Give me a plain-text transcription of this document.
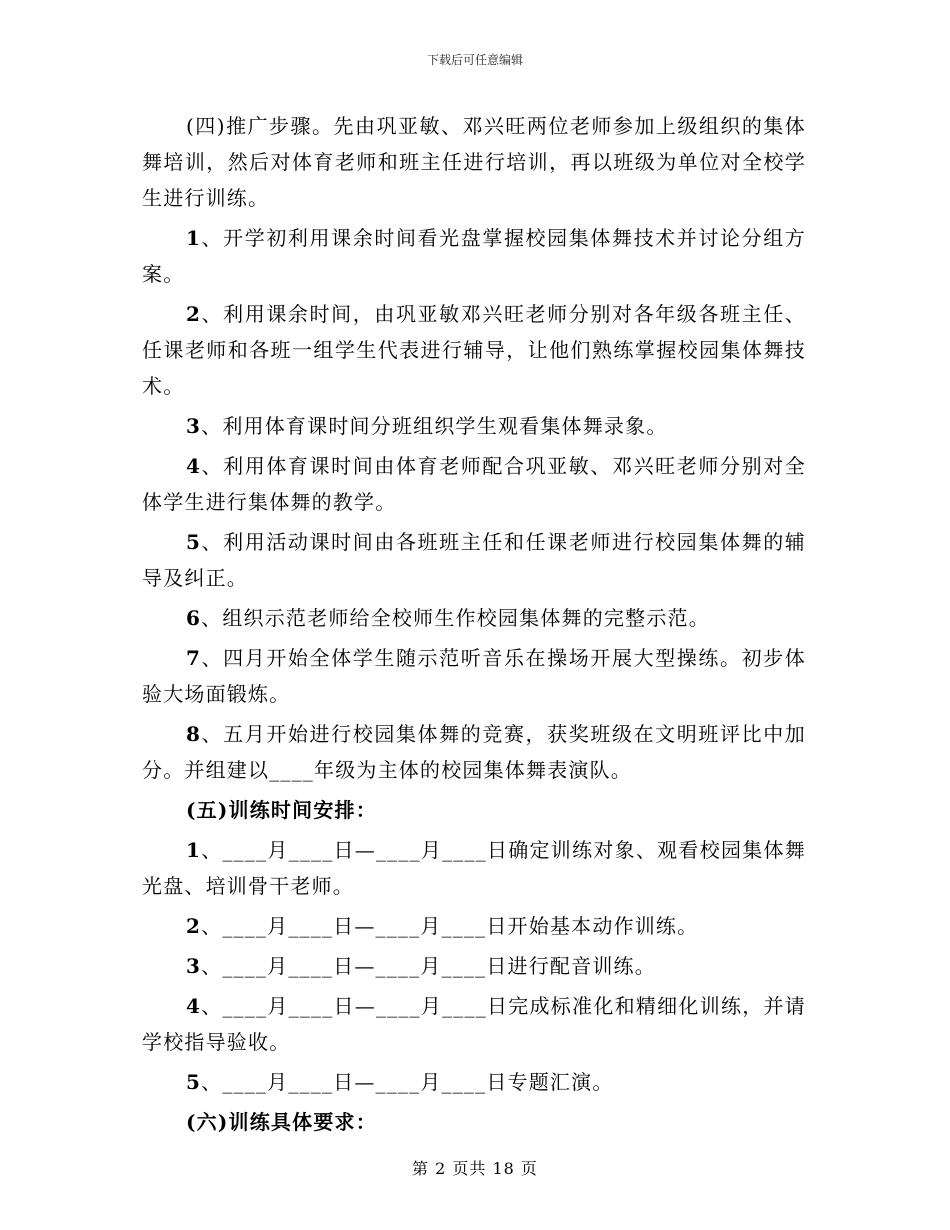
下载后可任意编辑

(四)推广步骤。先由巩亚敏、邓兴旺两位老师参加上级组织的集体舞培训，然后对体育老师和班主任进行培训，再以班级为单位对全校学生进行训练。

1、开学初利用课余时间看光盘掌握校园集体舞技术并讨论分组方案。

2、利用课余时间，由巩亚敏邓兴旺老师分别对各年级各班主任、任课老师和各班一组学生代表进行辅导，让他们熟练掌握校园集体舞技术。

3、利用体育课时间分班组织学生观看集体舞录象。

4、利用体育课时间由体育老师配合巩亚敏、邓兴旺老师分别对全体学生进行集体舞的教学。

5、利用活动课时间由各班班主任和任课老师进行校园集体舞的辅导及纠正。

6、组织示范老师给全校师生作校园集体舞的完整示范。

7、四月开始全体学生随示范听音乐在操场开展大型操练。初步体验大场面锻炼。

8、五月开始进行校园集体舞的竞赛，获奖班级在文明班评比中加分。并组建以____年级为主体的校园集体舞表演队。

(五)训练时间安排：

1、____月____日—____月____日确定训练对象、观看校园集体舞光盘、培训骨干老师。

2、____月____日—____月____日开始基本动作训练。

3、____月____日—____月____日进行配音训练。

4、____月____日—____月____日完成标准化和精细化训练，并请学校指导验收。

5、____月____日—____月____日专题汇演。

(六)训练具体要求：

第 2 页共 18 页
